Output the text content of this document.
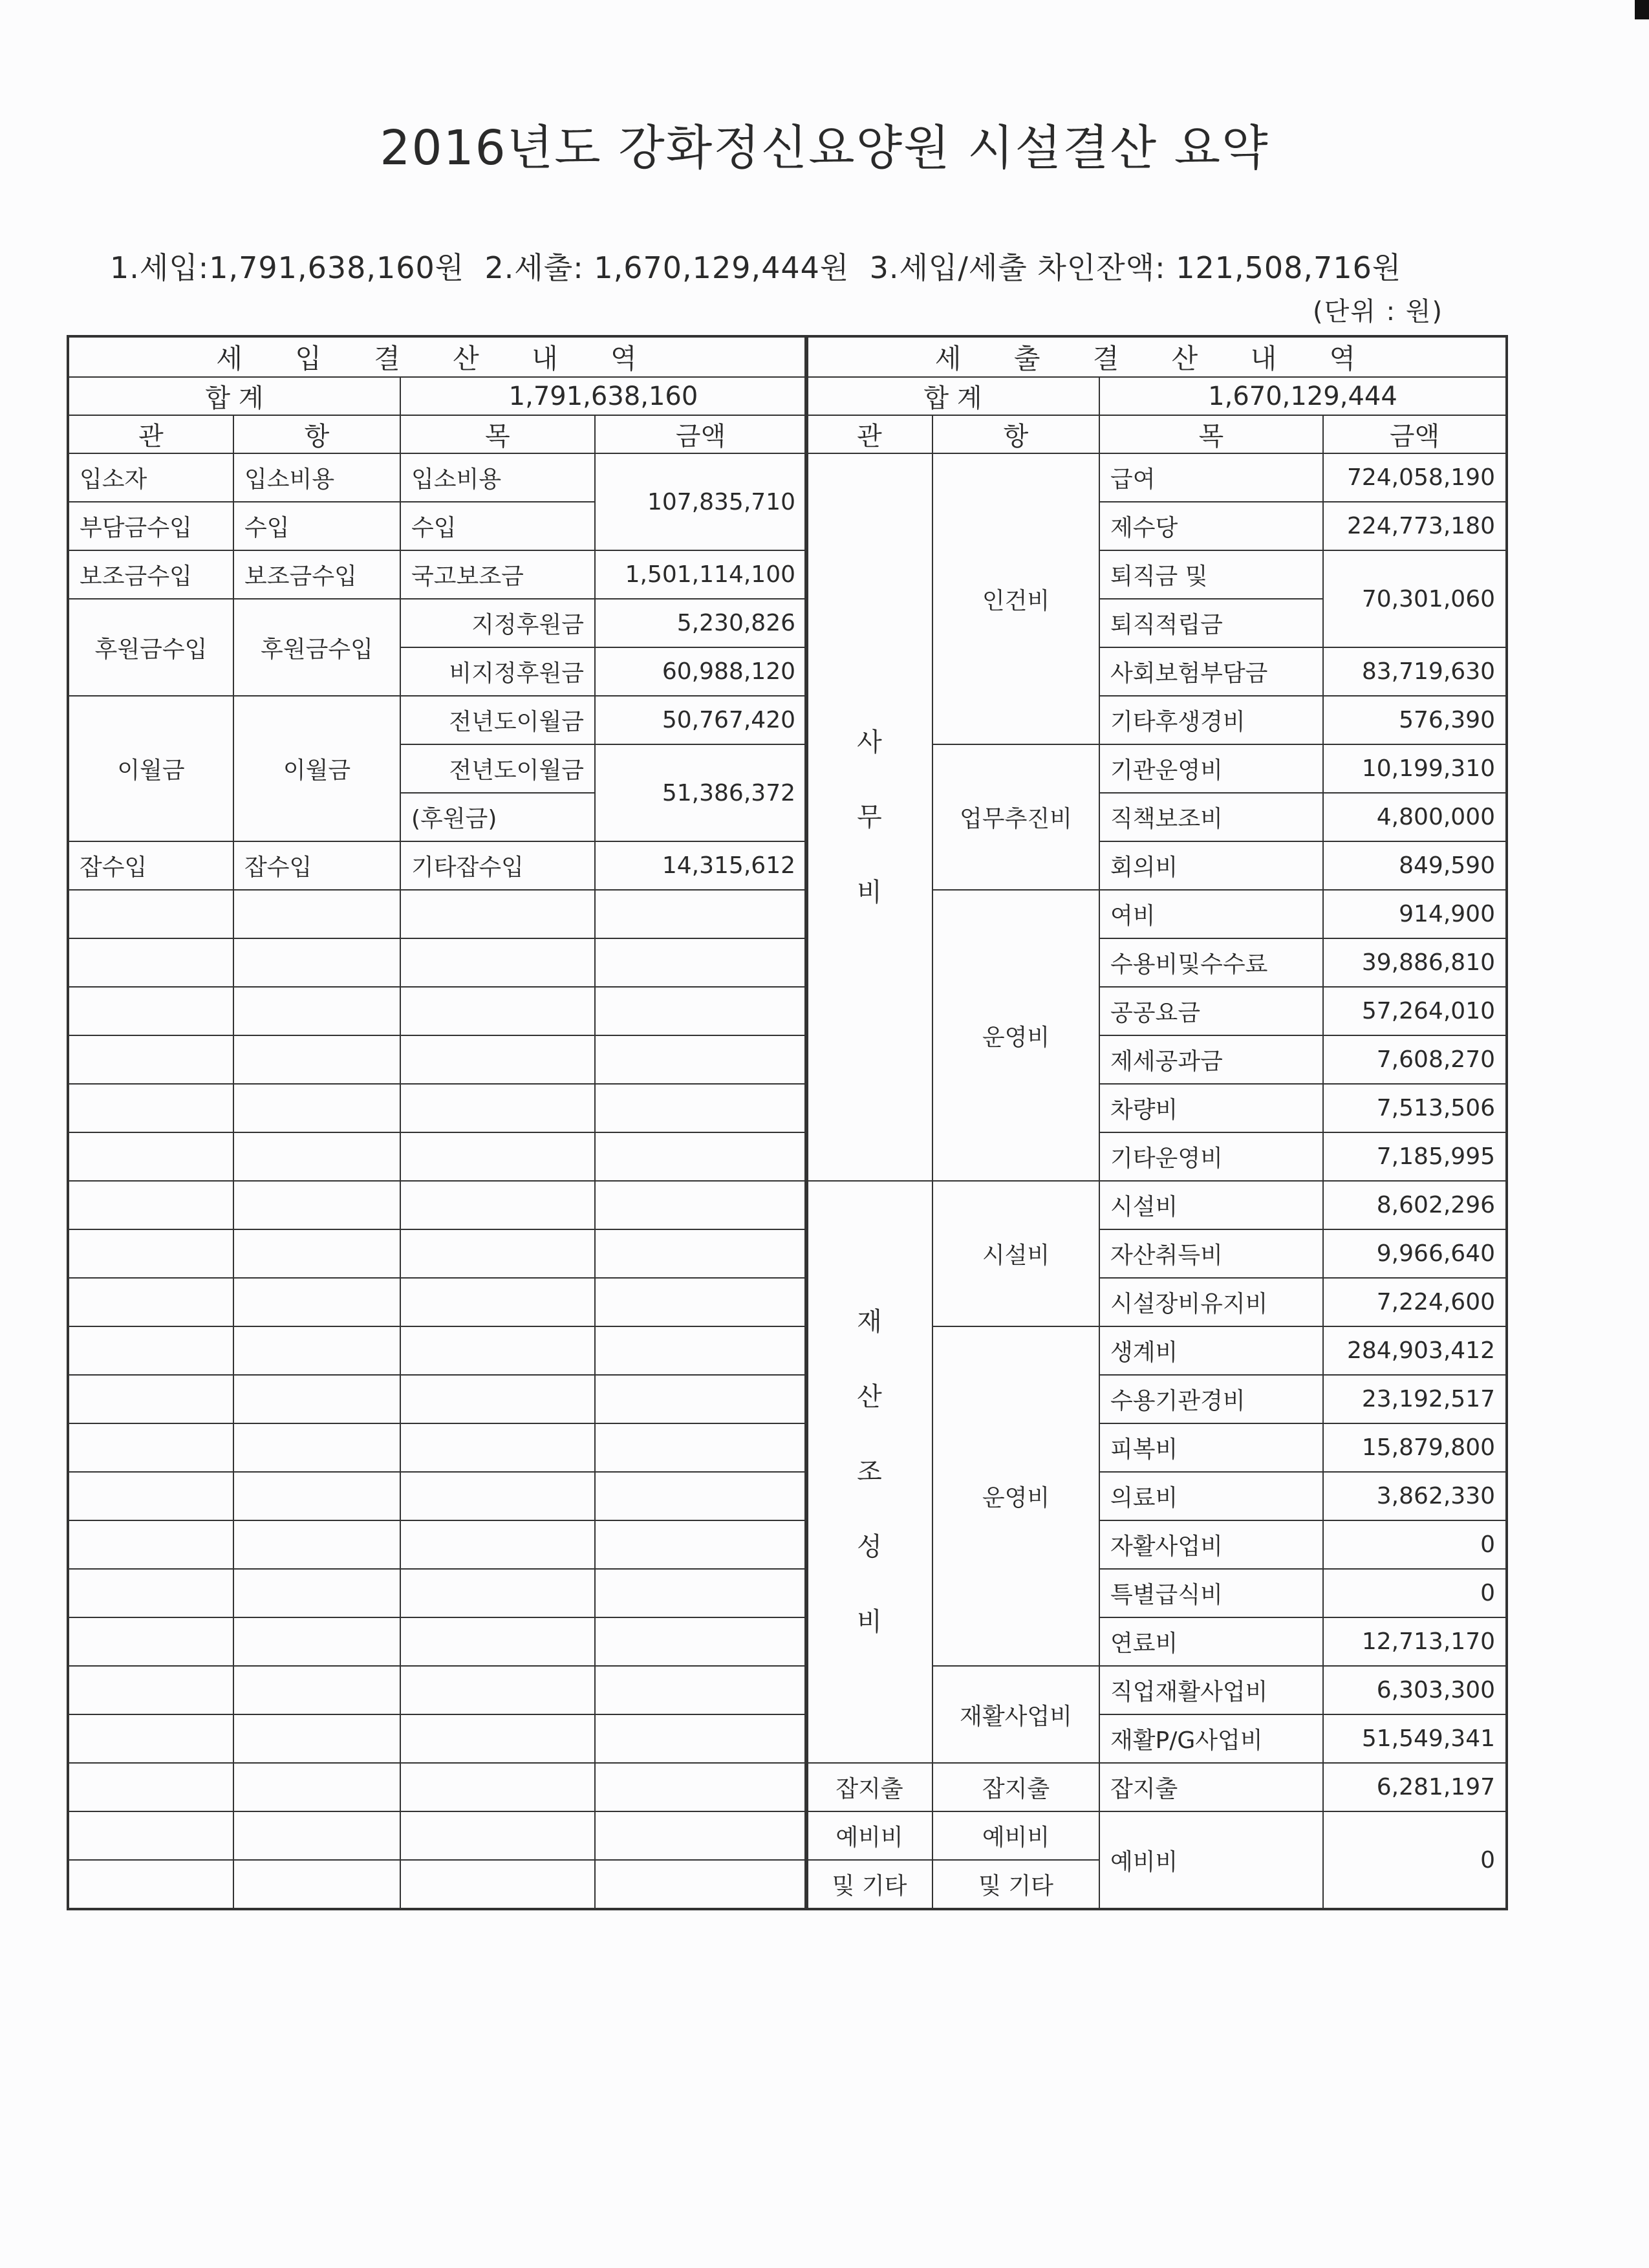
2016년도 강화정신요양원 시설결산 요약
1.세입:1,791,638,160원 2.세출: 1,670,129,444원 3.세입/세출 차인잔액: 121,508,716원
(단위 : 원)
세 입 결 산 내 역			
합 계		1,791,638,160	
관	항	목	금액
입소자	입소비용	입소비용	107,835,710
부담금수입	수입	수입	
보조금수입	보조금수입	국고보조금	1,501,114,100
후원금수입	후원금수입	지정후원금	5,230,826
		비지정후원금	60,988,120
이월금	이월금	전년도이월금	50,767,420
		전년도이월금	51,386,372
		(후원금)	
잡수입	잡수입	기타잡수입	14,315,612

세 출 결 산 내 역			
합 계		1,670,129,444	
관	항	목	금액
사

무

비	인건비	급여	724,058,190
		제수당	224,773,180
		퇴직금 및	70,301,060
		퇴직적립금	
		사회보험부담금	83,719,630
		기타후생경비	576,390
	업무추진비	기관운영비	10,199,310
		직책보조비	4,800,000
		회의비	849,590
	운영비	여비	914,900
		수용비및수수료	39,886,810
		공공요금	57,264,010
		제세공과금	7,608,270
		차량비	7,513,506
		기타운영비	7,185,995
재

산

조

성

비	시설비	시설비	8,602,296
		자산취득비	9,966,640
		시설장비유지비	7,224,600
	운영비	생계비	284,903,412
		수용기관경비	23,192,517
		피복비	15,879,800
		의료비	3,862,330
		자활사업비	0
		특별급식비	0
		연료비	12,713,170
	재활사업비	직업재활사업비	6,303,300
		재활P/G사업비	51,549,341
잡지출	잡지출	잡지출	6,281,197
예비비	예비비	예비비	0
및 기타	및 기타		
